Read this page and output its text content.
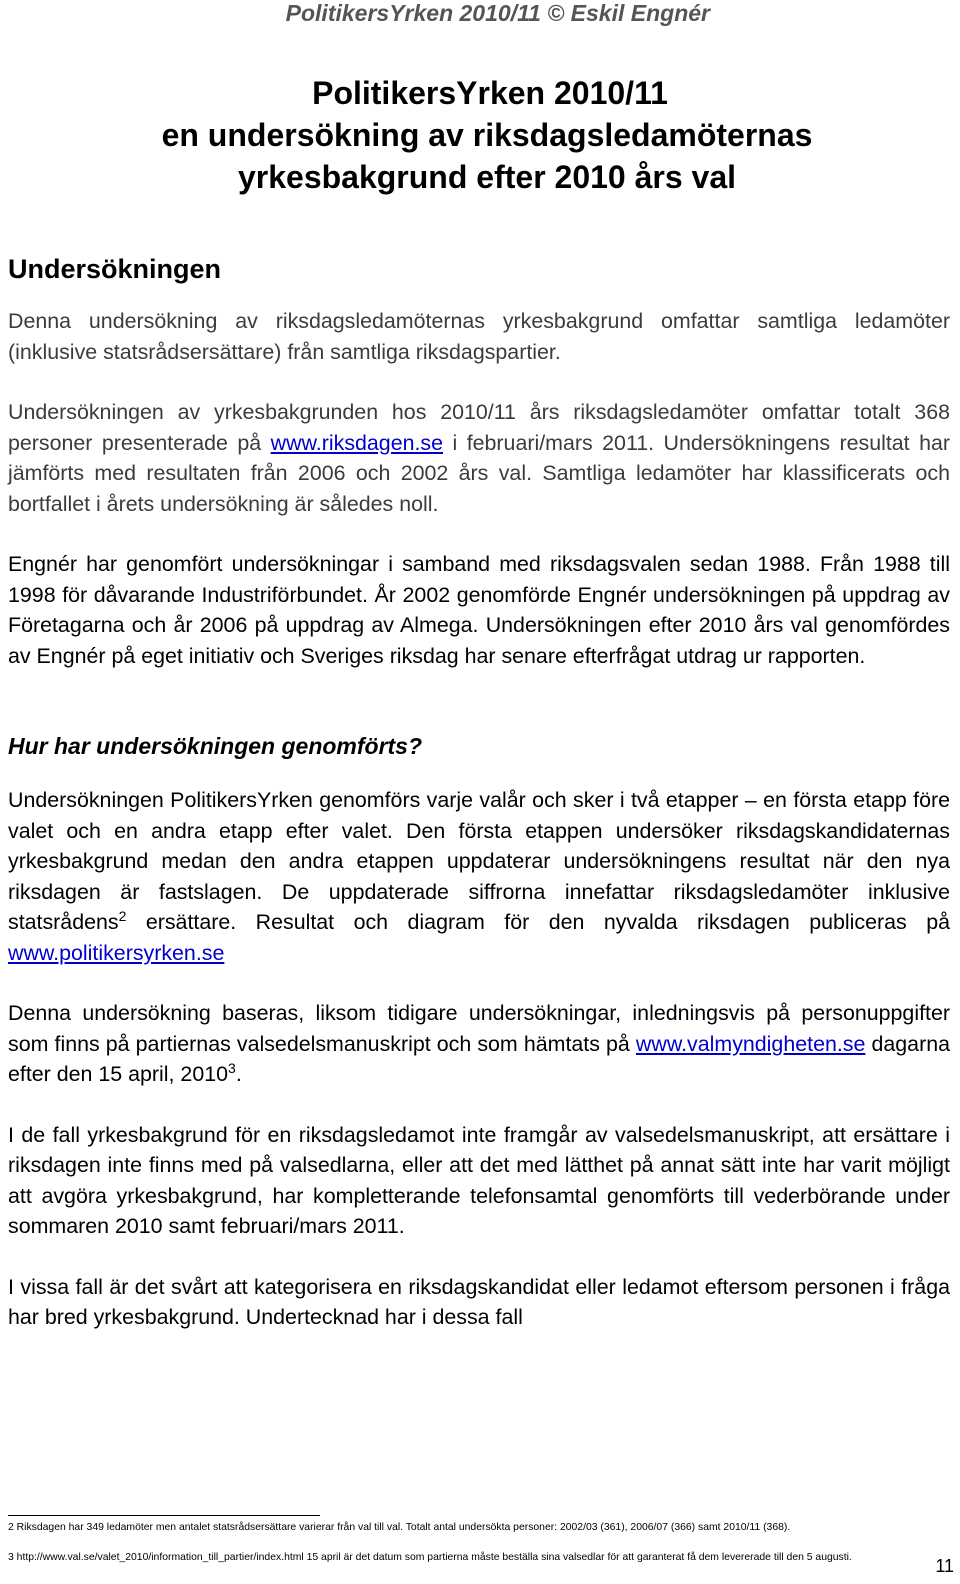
PolitikersYrken 2010/11 © Eskil Engnér
PolitikersYrken 2010/11
en undersökning av riksdagsledamöternas
yrkesbakgrund efter 2010 års val
Undersökningen

Denna undersökning av riksdagsledamöternas yrkesbakgrund omfattar samtliga ledamöter (inklusive statsrådsersättare) från samtliga riksdagspartier.

Undersökningen av yrkesbakgrunden hos 2010/11 års riksdagsledamöter omfattar totalt 368 personer presenterade på www.riksdagen.se i februari/mars 2011. Undersökningens resultat har jämförts med resultaten från 2006 och 2002 års val. Samtliga ledamöter har klassificerats och bortfallet i årets undersökning är således noll.

Engnér har genomfört undersökningar i samband med riksdagsvalen sedan 1988. Från 1988 till 1998 för dåvarande Industriförbundet. År 2002 genomförde Engnér undersökningen på uppdrag av Företagarna och år 2006 på uppdrag av Almega. Undersökningen efter 2010 års val genomfördes av Engnér på eget initiativ och Sveriges riksdag har senare efterfrågat utdrag ur rapporten.

Hur har undersökningen genomförts?

Undersökningen PolitikersYrken genomförs varje valår och sker i två etapper – en första etapp före valet och en andra etapp efter valet. Den första etappen undersöker riksdagskandidaternas yrkesbakgrund medan den andra etappen uppdaterar undersökningens resultat när den nya riksdagen är fastslagen. De uppdaterade siffrorna innefattar riksdagsledamöter inklusive statsrådens$^2$ ersättare. Resultat och diagram för den nyvalda riksdagen publiceras på www.politikersyrken.se

Denna undersökning baseras, liksom tidigare undersökningar, inledningsvis på personuppgifter som finns på partiernas valsedelsmanuskript och som hämtats på www.valmyndigheten.se dagarna efter den 15 april, 2010$^3$.

I de fall yrkesbakgrund för en riksdagsledamot inte framgår av valsedelsmanuskript, att ersättare i riksdagen inte finns med på valsedlarna, eller att det med lätthet på annat sätt inte har varit möjligt att avgöra yrkesbakgrund, har kompletterande telefonsamtal genomförts till vederbörande under sommaren 2010 samt februari/mars 2011.

I vissa fall är det svårt att kategorisera en riksdagskandidat eller ledamot eftersom personen i fråga har bred yrkesbakgrund. Undertecknad har i dessa fall

2 Riksdagen har 349 ledamöter men antalet statsrådsersättare varierar från val till val. Totalt antal undersökta personer: 2002/03 (361), 2006/07 (366) samt 2010/11 (368).
3 http://www.val.se/valet_2010/information_till_partier/index.html 15 april är det datum som partierna måste beställa sina valsedlar för att garanterat få dem levererade till den 5 augusti.	11
